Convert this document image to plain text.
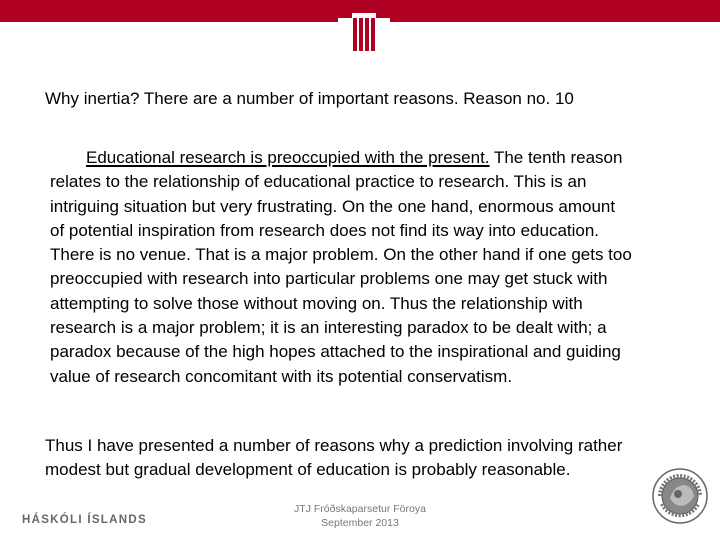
Why inertia? There are a number of important reasons. Reason no. 10
Educational research is preoccupied with the present. The tenth reason
relates to the relationship of educational practice to research. This is an
intriguing situation but very frustrating. On the one hand, enormous amount
of potential inspiration from research does not find its way into education.
There is no venue. That is a major problem. On the other hand if one gets too
preoccupied with research into particular problems one may get stuck with
attempting to solve those without moving on. Thus the relationship with
research is a major problem; it is an interesting paradox to be dealt with; a
paradox because of the high hopes attached to the inspirational and guiding
value of research concomitant with its potential conservatism.
Thus I have presented a number of reasons why a prediction involving rather
modest but gradual development of education is probably reasonable.
HÁSKÓLI ÍSLANDS
JTJ Fróðskaparsetur Föroya
September 2013
